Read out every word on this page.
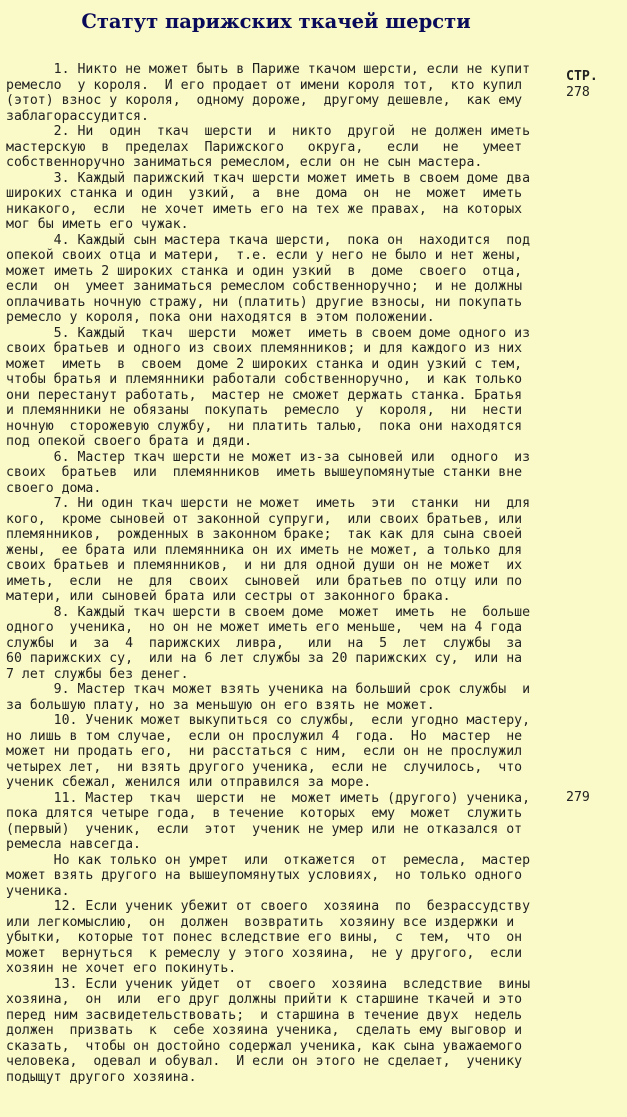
Статут парижских ткачей шерсти
1. Никто не может быть в Париже ткачом шерсти, если не купит
ремесло  у короля.  И его продает от имени короля тот,  кто купил
(этот) взнос у короля,  одному дороже,  другому дешевле,  как ему
заблагорассудится.
2. Ни  один  ткач  шерсти  и  никто  другой  не должен иметь
мастерскую  в  пределах  Парижского   округа,   если   не   умеет
собственноручно заниматься ремеслом, если он не сын мастера.
3. Каждый парижский ткач шерсти может иметь в своем доме два
широких станка и один  узкий,  а  вне  дома  он  не  может  иметь
никакого,  если  не хочет иметь его на тех же правах,  на которых
мог бы иметь его чужак.
4. Каждый сын мастера ткача шерсти,  пока он  находится  под
опекой своих отца и матери,  т.е. если у него не было и нет жены,
может иметь 2 широких станка и один узкий  в  доме  своего  отца,
если  он  умеет заниматься ремеслом собственноручно;  и не должны
оплачивать ночную стражу, ни (платить) другие взносы, ни покупать
ремесло у короля, пока они находятся в этом положении.
5. Каждый  ткач  шерсти  может  иметь в своем доме одного из
своих братьев и одного из своих племянников; и для каждого из них
может  иметь  в  своем  доме 2 широких станка и один узкий с тем,
чтобы братья и племянники работали собственноручно,  и как только
они перестанут работать,  мастер не сможет держать станка. Братья
и племянники не обязаны  покупать  ремесло  у  короля,  ни  нести
ночную  сторожевую службу,  ни платить талью,  пока они находятся
под опекой своего брата и дяди.
6. Мастер ткач шерсти не может из-за сыновей или  одного  из
своих  братьев  или  племянников  иметь вышеупомянутые станки вне
своего дома.
7. Ни один ткач шерсти не может  иметь  эти  станки  ни  для
кого,  кроме сыновей от законной супруги,  или своих братьев, или
племянников,  рожденных в законном браке;  так как для сына своей
жены,  ее брата или племянника он их иметь не может, а только для
своих братьев и племянников,  и ни для одной души он не может  их
иметь,  если  не  для  своих  сыновей  или братьев по отцу или по
матери, или сыновей брата или сестры от законного брака.
8. Каждый ткач шерсти в своем доме  может  иметь  не  больше
одного  ученика,  но он не может иметь его меньше,  чем на 4 года
службы  и  за  4  парижских  ливра,   или  на  5  лет  службы  за
60 парижских су,  или на 6 лет службы за 20 парижских су,  или на
7 лет службы без денег.
9. Мастер ткач может взять ученика на больший срок службы  и
за большую плату, но за меньшую он его взять не может.
10. Ученик может выкупиться со службы,  если угодно мастеру,
но лишь в том случае,  если он прослужил 4  года.  Но  мастер  не
может ни продать его,  ни расстаться с ним,  если он не прослужил
четырех лет,  ни взять другого ученика,  если не  случилось,  что
ученик сбежал, женился или отправился за море.
11. Мастер  ткач  шерсти  не  может иметь (другого) ученика,
пока длятся четыре года,  в течение  которых  ему  может  служить
(первый)  ученик,  если  этот  ученик не умер или не отказался от
ремесла навсегда.
Но как только он умрет  или  откажется  от  ремесла,  мастер
может взять другого на вышеупомянутых условиях,  но только одного
ученика.
12. Если ученик убежит от своего  хозяина  по  безрассудству
или легкомыслию,  он  должен  возвратить  хозяину все издержки и
убытки,  которые тот понес вследствие его вины,  с  тем,  что  он
может  вернуться  к ремеслу у этого хозяина,  не у другого,  если
хозяин не хочет его покинуть.
13. Если ученик уйдет  от  своего  хозяина  вследствие  вины
хозяина,  он  или  его друг должны прийти к старшине ткачей и это
перед ним засвидетельствовать;  и старшина в течение двух  недель
должен  призвать  к  себе хозяина ученика,  сделать ему выговор и
сказать,  чтобы он достойно содержал ученика, как сына уважаемого
человека,  одевал и обувал.  И если он этого не сделает,  ученику
подыщут другого хозяина.
СТР.
278
279
